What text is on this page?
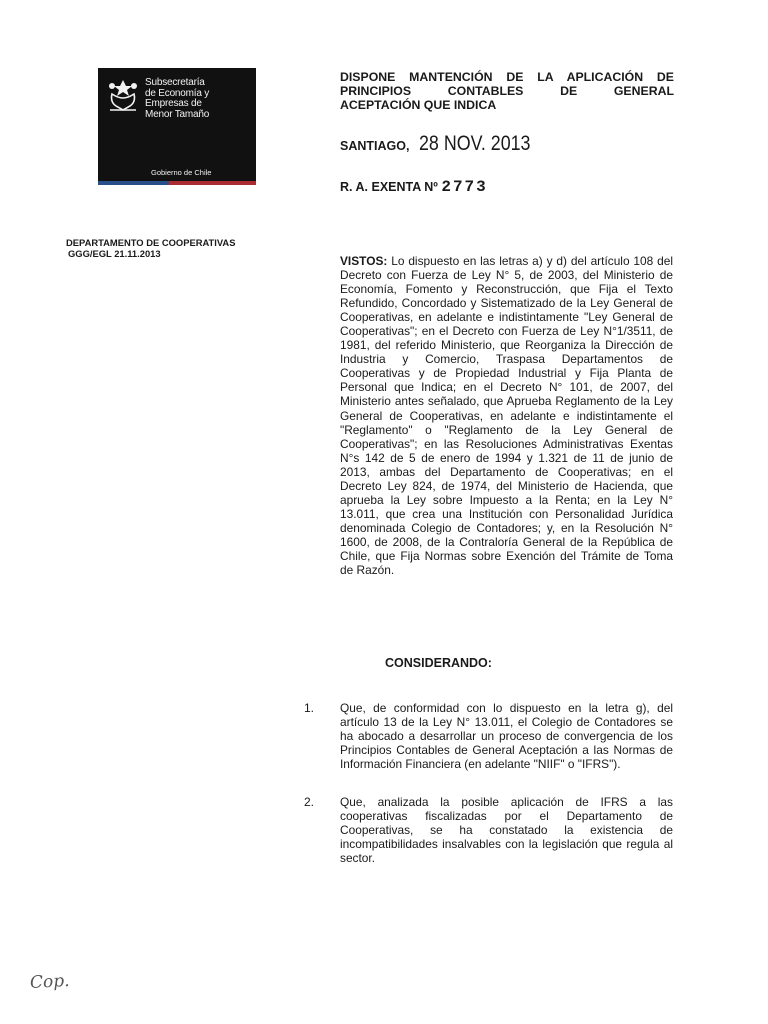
Subsecretaría
de Economía y
Empresas de
Menor Tamaño
Gobierno de Chile
DISPONE MANTENCIÓN DE LA APLICACIÓN DE
PRINCIPIOS CONTABLES DE GENERAL
ACEPTACIÓN QUE INDICA
SANTIAGO, 28 NOV. 2013
R. A. EXENTA Nº 2773
DEPARTAMENTO DE COOPERATIVAS
GGG/EGL 21.11.2013

VISTOS: Lo dispuesto en las letras a) y d) del artículo 108 del Decreto con Fuerza de Ley N° 5, de 2003, del Ministerio de Economía, Fomento y Reconstrucción, que Fija el Texto Refundido, Concordado y Sistematizado de la Ley General de Cooperativas, en adelante e indistintamente "Ley General de Cooperativas"; en el Decreto con Fuerza de Ley N°1/3511, de 1981, del referido Ministerio, que Reorganiza la Dirección de Industria y Comercio, Traspasa Departamentos de Cooperativas y de Propiedad Industrial y Fija Planta de Personal que Indica; en el Decreto N° 101, de 2007, del Ministerio antes señalado, que Aprueba Reglamento de la Ley General de Cooperativas, en adelante e indistintamente el "Reglamento" o "Reglamento de la Ley General de Cooperativas"; en las Resoluciones Administrativas Exentas N°s 142 de 5 de enero de 1994 y 1.321 de 11 de junio de 2013, ambas del Departamento de Cooperativas; en el Decreto Ley 824, de 1974, del Ministerio de Hacienda, que aprueba la Ley sobre Impuesto a la Renta; en la Ley N° 13.011, que crea una Institución con Personalidad Jurídica denominada Colegio de Contadores; y, en la Resolución N° 1600, de 2008, de la Contraloría General de la República de Chile, que Fija Normas sobre Exención del Trámite de Toma de Razón.

CONSIDERANDO:
1. Que, de conformidad con lo dispuesto en la letra g), del artículo 13 de la Ley N° 13.011, el Colegio de Contadores se ha abocado a desarrollar un proceso de convergencia de los Principios Contables de General Aceptación a las Normas de Información Financiera (en adelante "NIIF" o "IFRS").

2. Que, analizada la posible aplicación de IFRS a las cooperativas fiscalizadas por el Departamento de Cooperativas, se ha constatado la existencia de incompatibilidades insalvables con la legislación que regula al sector.

Cop.
